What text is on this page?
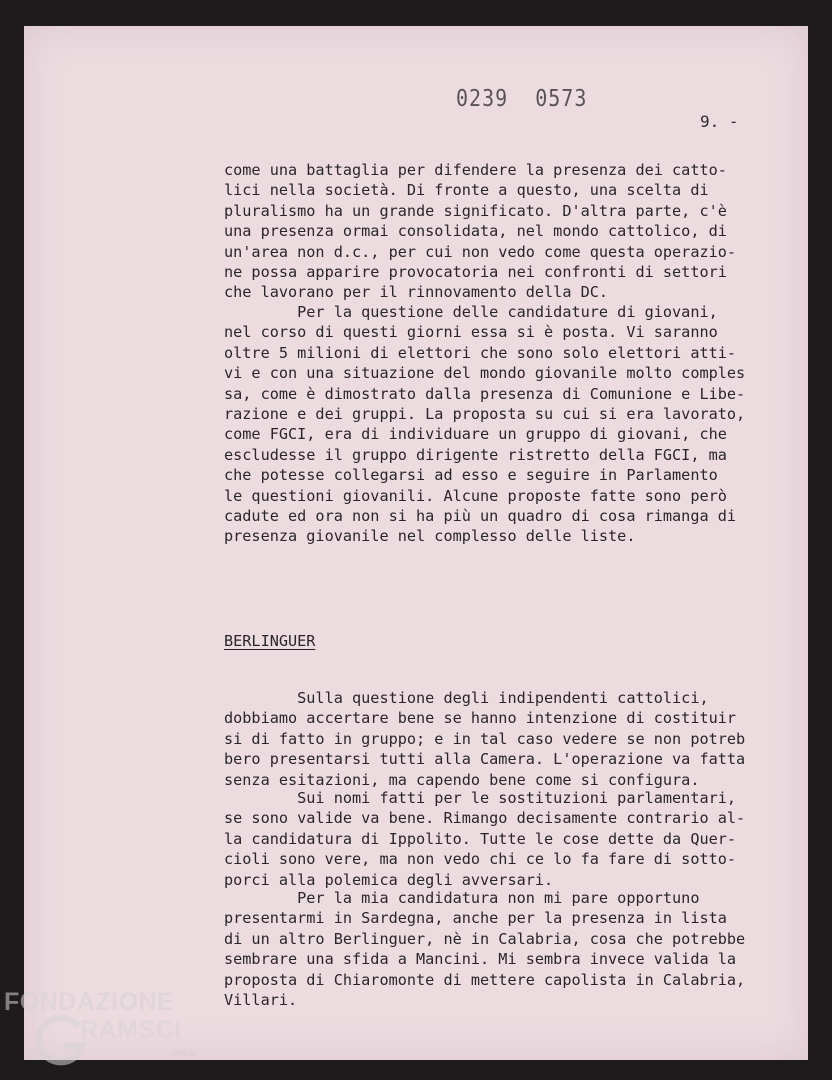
0239 0573
9. -
come una battaglia per difendere la presenza dei catto-
lici nella società. Di fronte a questo, una scelta di
pluralismo ha un grande significato. D'altra parte, c'è
una presenza ormai consolidata, nel mondo cattolico, di
un'area non d.c., per cui non vedo come questa operazio-
ne possa apparire provocatoria nei confronti di settori
che lavorano per il rinnovamento della DC.
Per la questione delle candidature di giovani,
nel corso di questi giorni essa si è posta. Vi saranno
oltre 5 milioni di elettori che sono solo elettori atti-
vi e con una situazione del mondo giovanile molto comples
sa, come è dimostrato dalla presenza di Comunione e Libe-
razione e dei gruppi. La proposta su cui si era lavorato,
come FGCI, era di individuare un gruppo di giovani, che
escludesse il gruppo dirigente ristretto della FGCI, ma
che potesse collegarsi ad esso e seguire in Parlamento
le questioni giovanili. Alcune proposte fatte sono però
cadute ed ora non si ha più un quadro di cosa rimanga di
presenza giovanile nel complesso delle liste.
BERLINGUER
Sulla questione degli indipendenti cattolici,
dobbiamo accertare bene se hanno intenzione di costituir
si di fatto in gruppo; e in tal caso vedere se non potreb
bero presentarsi tutti alla Camera. L'operazione va fatta
senza esitazioni, ma capendo bene come si configura.
Sui nomi fatti per le sostituzioni parlamentari,
se sono valide va bene. Rimango decisamente contrario al-
la candidatura di Ippolito. Tutte le cose dette da Quer-
cioli sono vere, ma non vedo chi ce lo fa fare di sotto-
porci alla polemica degli avversari.
Per la mia candidatura non mi pare opportuno
presentarmi in Sardegna, anche per la presenza in lista
di un altro Berlinguer, nè in Calabria, cosa che potrebbe
sembrare una sfida a Mancini. Mi sembra invece valida la
proposta di Chiaromonte di mettere capolista in Calabria,
Villari.
FONDAZIONE
RAMSCI
onlus
